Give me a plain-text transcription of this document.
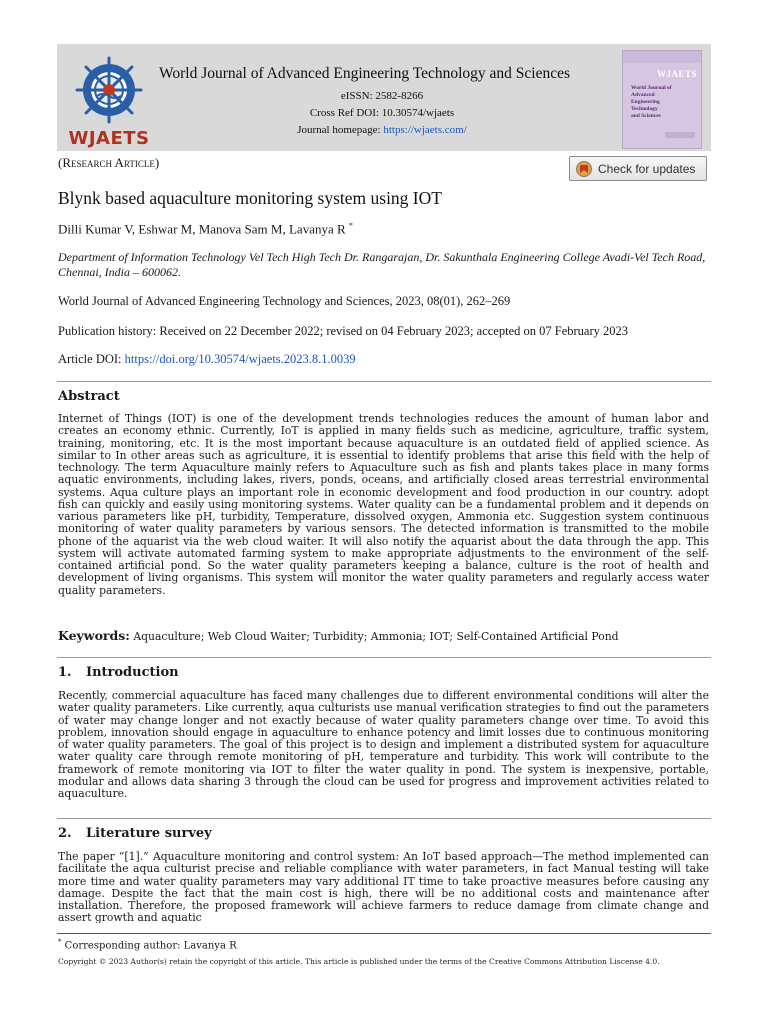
WJAETS
World Journal of Advanced Engineering Technology and Sciences
eISSN: 2582-8266
Cross Ref DOI: 10.30574/wjaets
Journal homepage: https://wjaets.com/
WJAETS
World Journal of
Advanced
Engineering
Technology
and Sciences
(Research Article)	Check for updates
Blynk based aquaculture monitoring system using IOT
Dilli Kumar V, Eshwar M, Manova Sam M, Lavanya R *
Department of Information Technology Vel Tech High Tech Dr. Rangarajan, Dr. Sakunthala Engineering College Avadi-Vel Tech Road, Chennai, India – 600062.
World Journal of Advanced Engineering Technology and Sciences, 2023, 08(01), 262–269
Publication history: Received on 22 December 2022; revised on 04 February 2023; accepted on 07 February 2023
Article DOI: https://doi.org/10.30574/wjaets.2023.8.1.0039
Abstract
Internet of Things (IOT) is one of the development trends technologies reduces the amount of human labor and creates an economy ethnic. Currently, IoT is applied in many fields such as medicine, agriculture, traffic system, training, monitoring, etc. It is the most important because aquaculture is an outdated field of applied science. As similar to In other areas such as agriculture, it is essential to identify problems that arise this field with the help of technology. The term Aquaculture mainly refers to Aquaculture such as fish and plants takes place in many forms aquatic environments, including lakes, rivers, ponds, oceans, and artificially closed areas terrestrial environmental systems. Aqua culture plays an important role in economic development and food production in our country. adopt fish can quickly and easily using monitoring systems. Water quality can be a fundamental problem and it depends on various parameters like pH, turbidity, Temperature, dissolved oxygen, Ammonia etc. Suggestion system continuous monitoring of water quality parameters by various sensors. The detected information is transmitted to the mobile phone of the aquarist via the web cloud waiter. It will also notify the aquarist about the data through the app. This system will activate automated farming system to make appropriate adjustments to the environment of the self-contained artificial pond. So the water quality parameters keeping a balance, culture is the root of health and development of living organisms. This system will monitor the water quality parameters and regularly access water quality parameters.
Keywords: Aquaculture; Web Cloud Waiter; Turbidity; Ammonia; IOT; Self-Contained Artificial Pond
1. Introduction
Recently, commercial aquaculture has faced many challenges due to different environmental conditions will alter the water quality parameters. Like currently, aqua culturists use manual verification strategies to find out the parameters of water may change longer and not exactly because of water quality parameters change over time. To avoid this problem, innovation should engage in aquaculture to enhance potency and limit losses due to continuous monitoring of water quality parameters. The goal of this project is to design and implement a distributed system for aquaculture water quality care through remote monitoring of pH, temperature and turbidity. This work will contribute to the framework of remote monitoring via IOT to filter the water quality in pond. The system is inexpensive, portable, modular and allows data sharing 3 through the cloud can be used for progress and improvement activities related to aquaculture.
2. Literature survey
The paper “[1].” Aquaculture monitoring and control system: An IoT based approach—The method implemented can facilitate the aqua culturist precise and reliable compliance with water parameters, in fact Manual testing will take more time and water quality parameters may vary additional IT time to take proactive measures before causing any damage. Despite the fact that the main cost is high, there will be no additional costs and maintenance after installation. Therefore, the proposed framework will achieve farmers to reduce damage from climate change and assert growth and aquatic
* Corresponding author: Lavanya R
Copyright © 2023 Author(s) retain the copyright of this article. This article is published under the terms of the Creative Commons Attribution Liscense 4.0.
